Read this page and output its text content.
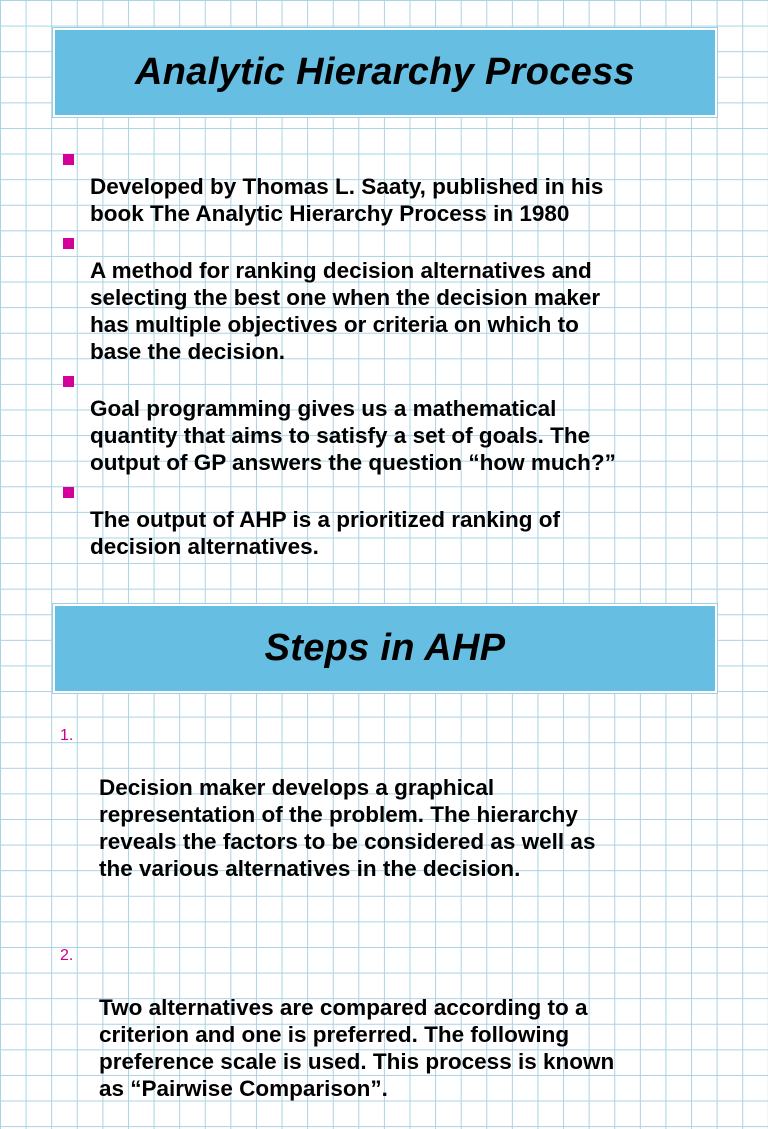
Analytic Hierarchy Process

Developed by Thomas L. Saaty, published in his
book The Analytic Hierarchy Process in 1980

A method for ranking decision alternatives and
selecting the best one when the decision maker
has multiple objectives or criteria on which to
base the decision.

Goal programming gives us a mathematical
quantity that aims to satisfy a set of goals. The
output of GP answers the question “how much?”

The output of AHP is a prioritized ranking of
decision alternatives.

Steps in AHP

1.

Decision maker develops a graphical
representation of the problem. The hierarchy
reveals the factors to be considered as well as
the various alternatives in the decision.

2.

Two alternatives are compared according to a
criterion and one is preferred. The following
preference scale is used. This process is known
as “Pairwise Comparison”.
